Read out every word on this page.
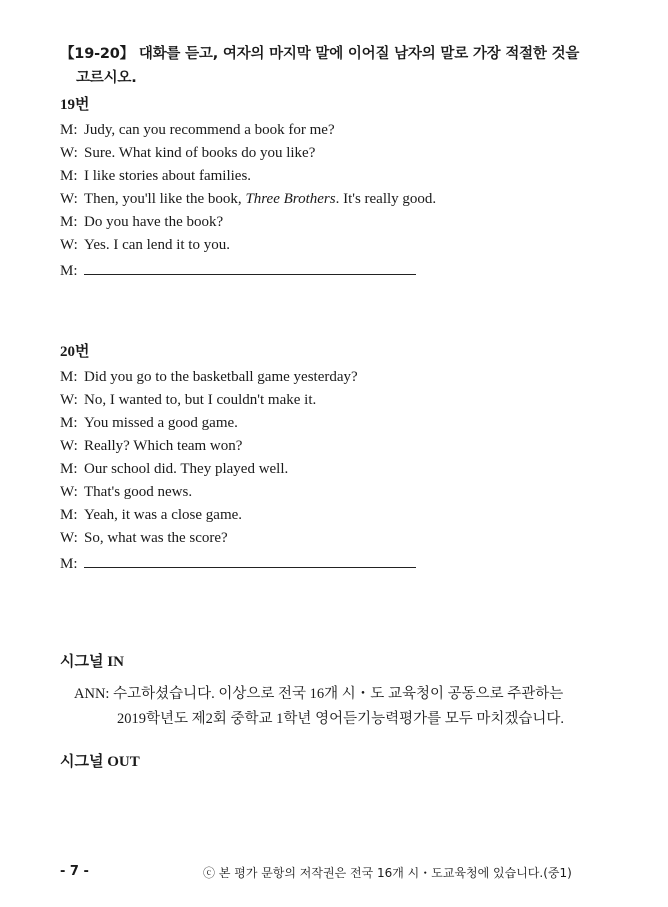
【19-20】 대화를 듣고, 여자의 마지막 말에 이어질 남자의 말로 가장 적절한 것을
고르시오.
19번
M: Judy, can you recommend a book for me?
W: Sure. What kind of books do you like?
M: I like stories about families.
W: Then, you'll like the book, Three Brothers. It's really good.
M: Do you have the book?
W: Yes. I can lend it to you.
M:
20번
M: Did you go to the basketball game yesterday?
W: No, I wanted to, but I couldn't make it.
M: You missed a good game.
W: Really? Which team won?
M: Our school did. They played well.
W: That's good news.
M: Yeah, it was a close game.
W: So, what was the score?
M:
시그널 IN
ANN: 수고하셨습니다. 이상으로 전국 16개 시・도 교육청이 공동으로 주관하는
2019학년도 제2회 중학교 1학년 영어듣기능력평가를 모두 마치겠습니다.
시그널 OUT
- 7 -	ⓒ 본 평가 문항의 저작권은 전국 16개 시・도교육청에 있습니다.(중1)
